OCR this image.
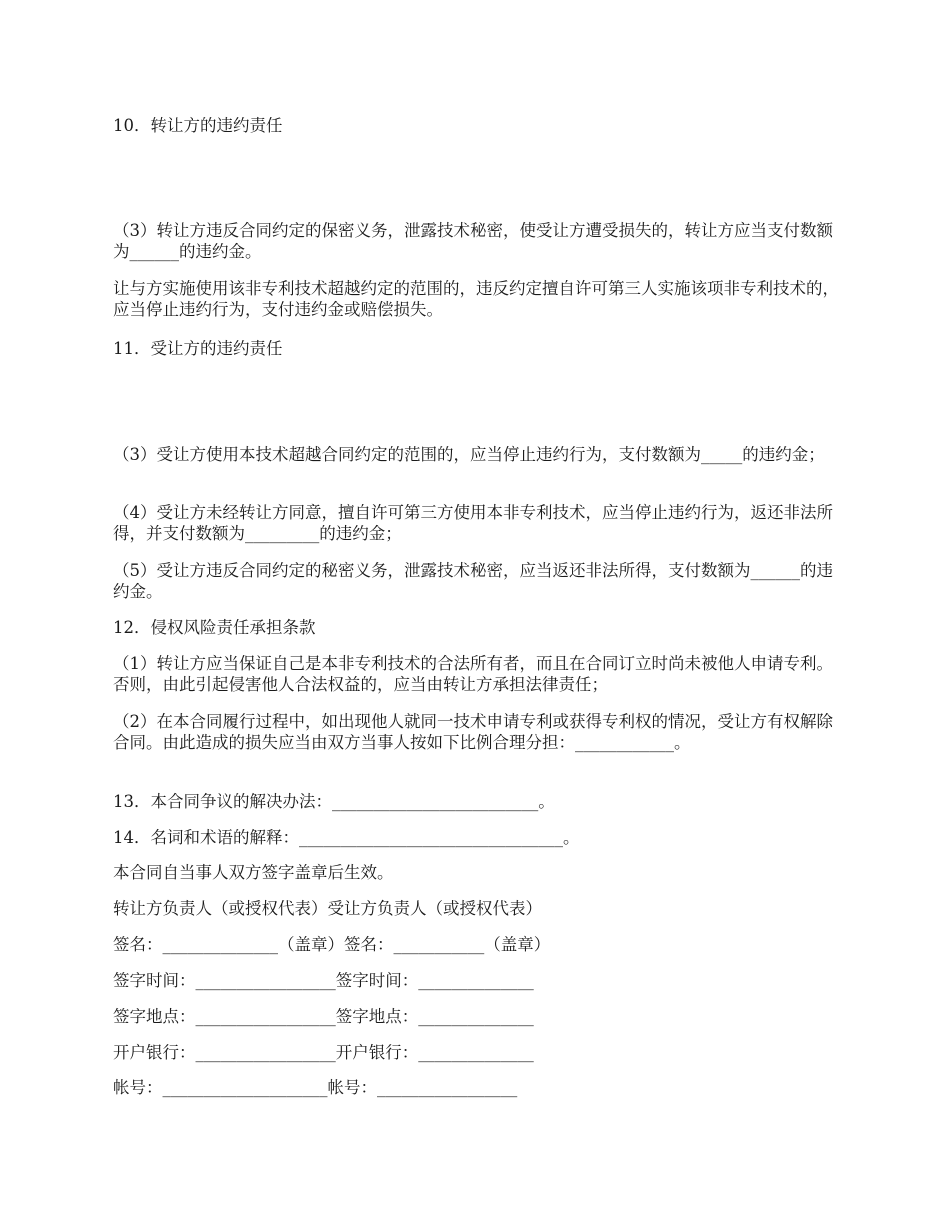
10．转让方的违约责任

（3）转让方违反合同约定的保密义务，泄露技术秘密，使受让方遭受损失的，转让方应当支付数额为______的违约金。

让与方实施使用该非专利技术超越约定的范围的，违反约定擅自许可第三人实施该项非专利技术的，应当停止违约行为，支付违约金或赔偿损失。

11．受让方的违约责任

（3）受让方使用本技术超越合同约定的范围的，应当停止违约行为，支付数额为_____的违约金；

（4）受让方未经转让方同意，擅自许可第三方使用本非专利技术，应当停止违约行为，返还非法所得，并支付数额为_________的违约金；

（5）受让方违反合同约定的秘密义务，泄露技术秘密，应当返还非法所得，支付数额为______的违约金。

12．侵权风险责任承担条款

（1）转让方应当保证自己是本非专利技术的合法所有者，而且在合同订立时尚未被他人申请专利。否则，由此引起侵害他人合法权益的，应当由转让方承担法律责任；

（2）在本合同履行过程中，如出现他人就同一技术申请专利或获得专利权的情况，受让方有权解除合同。由此造成的损失应当由双方当事人按如下比例合理分担：____________。

13．本合同争议的解决办法：_________________________。

14．名词和术语的解释：________________________________。

本合同自当事人双方签字盖章后生效。

转让方负责人（或授权代表）受让方负责人（或授权代表）

签名：______________（盖章）签名：___________（盖章）

签字时间：_________________签字时间：______________

签字地点：_________________签字地点：______________

开户银行：_________________开户银行：______________

帐号：____________________帐号：_________________
